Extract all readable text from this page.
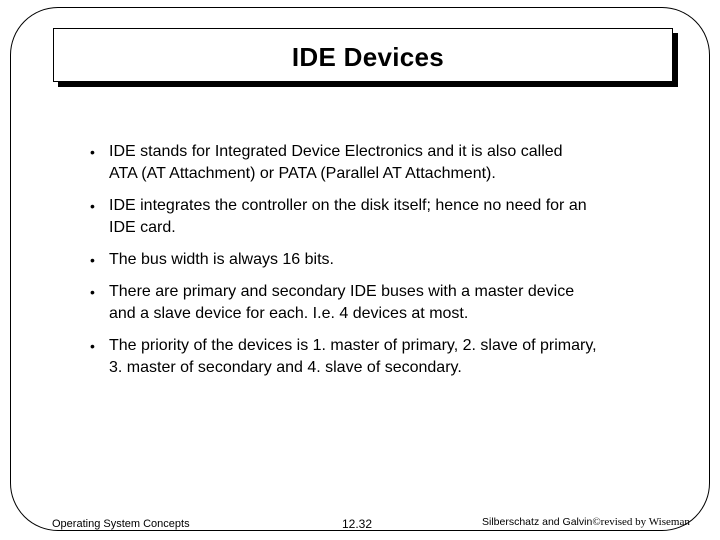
IDE Devices
• IDE stands for Integrated Device Electronics and it is also called ATA (AT Attachment) or PATA (Parallel AT Attachment).
• IDE integrates the controller on the disk itself; hence no need for an IDE card.
• The bus width is always 16 bits.
• There are primary and secondary IDE buses with a master device and a slave device for each. I.e. 4 devices at most.
• The priority of the devices is 1. master of primary, 2. slave of primary, 3. master of secondary and 4. slave of secondary.
Operating System Concepts	12.32	Silberschatz and Galvin©revised by Wiseman
